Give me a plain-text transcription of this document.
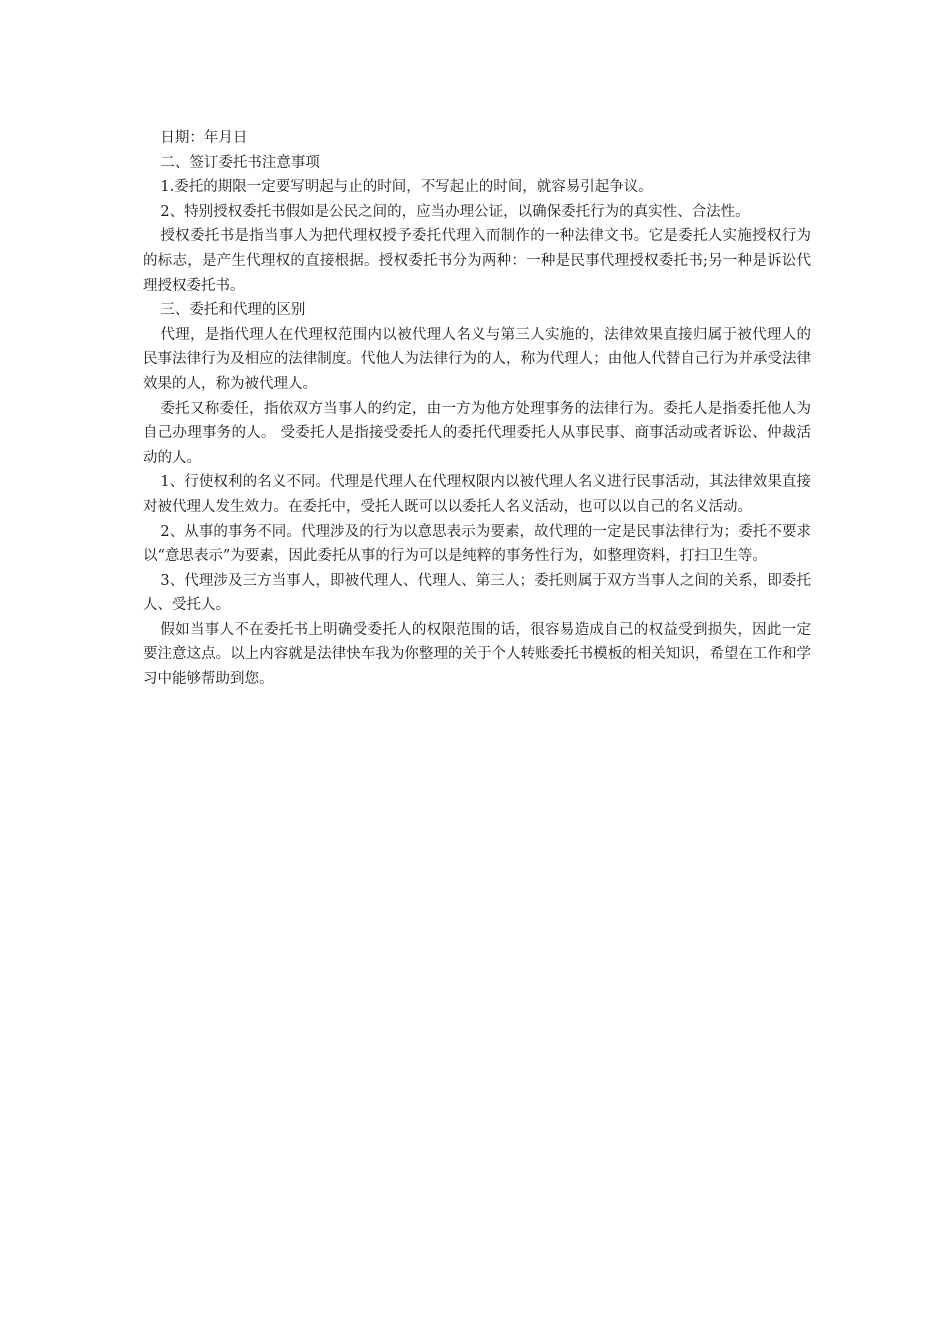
日期：年月日

二、签订委托书注意事项

1.委托的期限一定要写明起与止的时间，不写起止的时间，就容易引起争议。

2、特别授权委托书假如是公民之间的，应当办理公证，以确保委托行为的真实性、合法性。

授权委托书是指当事人为把代理权授予委托代理入而制作的一种法律文书。它是委托人实施授权行为的标志，是产生代理权的直接根据。授权委托书分为两种：一种是民事代理授权委托书;另一种是诉讼代理授权委托书。

三、委托和代理的区别

代理，是指代理人在代理权范围内以被代理人名义与第三人实施的，法律效果直接归属于被代理人的民事法律行为及相应的法律制度。代他人为法律行为的人，称为代理人；由他人代替自己行为并承受法律效果的人，称为被代理人。

委托又称委任，指依双方当事人的约定，由一方为他方处理事务的法律行为。委托人是指委托他人为自己办理事务的人。 受委托人是指接受委托人的委托代理委托人从事民事、商事活动或者诉讼、仲裁活动的人。

1、行使权利的名义不同。代理是代理人在代理权限内以被代理人名义进行民事活动，其法律效果直接对被代理人发生效力。在委托中，受托人既可以以委托人名义活动，也可以以自己的名义活动。

2、从事的事务不同。代理涉及的行为以意思表示为要素，故代理的一定是民事法律行为；委托不要求以“意思表示”为要素，因此委托从事的行为可以是纯粹的事务性行为，如整理资料，打扫卫生等。

3、代理涉及三方当事人，即被代理人、代理人、第三人；委托则属于双方当事人之间的关系，即委托人、受托人。

假如当事人不在委托书上明确受委托人的权限范围的话，很容易造成自己的权益受到损失，因此一定要注意这点。以上内容就是法律快车我为你整理的关于个人转账委托书模板的相关知识，希望在工作和学习中能够帮助到您。
